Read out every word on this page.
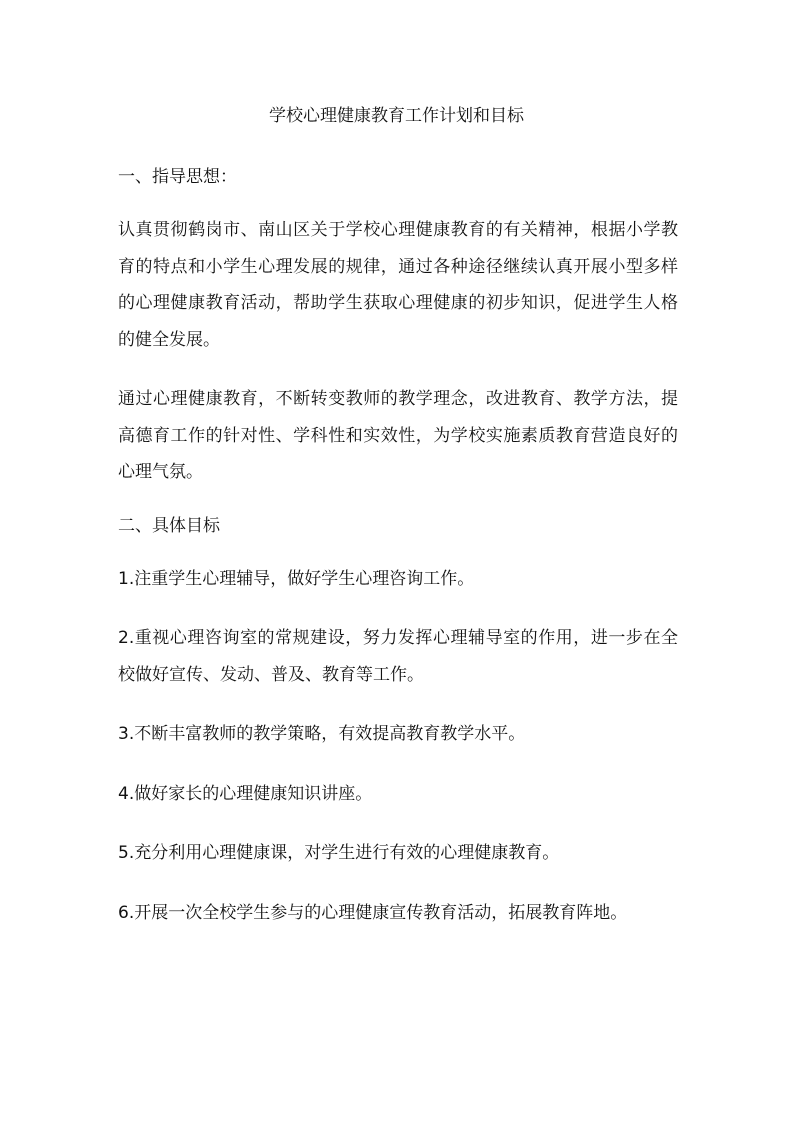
学校心理健康教育工作计划和目标

一、指导思想：

认真贯彻鹤岗市、南山区关于学校心理健康教育的有关精神，根据小学教育的特点和小学生心理发展的规律，通过各种途径继续认真开展小型多样的心理健康教育活动，帮助学生获取心理健康的初步知识，促进学生人格的健全发展。

通过心理健康教育，不断转变教师的教学理念，改进教育、教学方法，提高德育工作的针对性、学科性和实效性，为学校实施素质教育营造良好的心理气氛。

二、具体目标

1.注重学生心理辅导，做好学生心理咨询工作。

2.重视心理咨询室的常规建设，努力发挥心理辅导室的作用，进一步在全校做好宣传、发动、普及、教育等工作。

3.不断丰富教师的教学策略，有效提高教育教学水平。

4.做好家长的心理健康知识讲座。

5.充分利用心理健康课，对学生进行有效的心理健康教育。

6.开展一次全校学生参与的心理健康宣传教育活动，拓展教育阵地。
